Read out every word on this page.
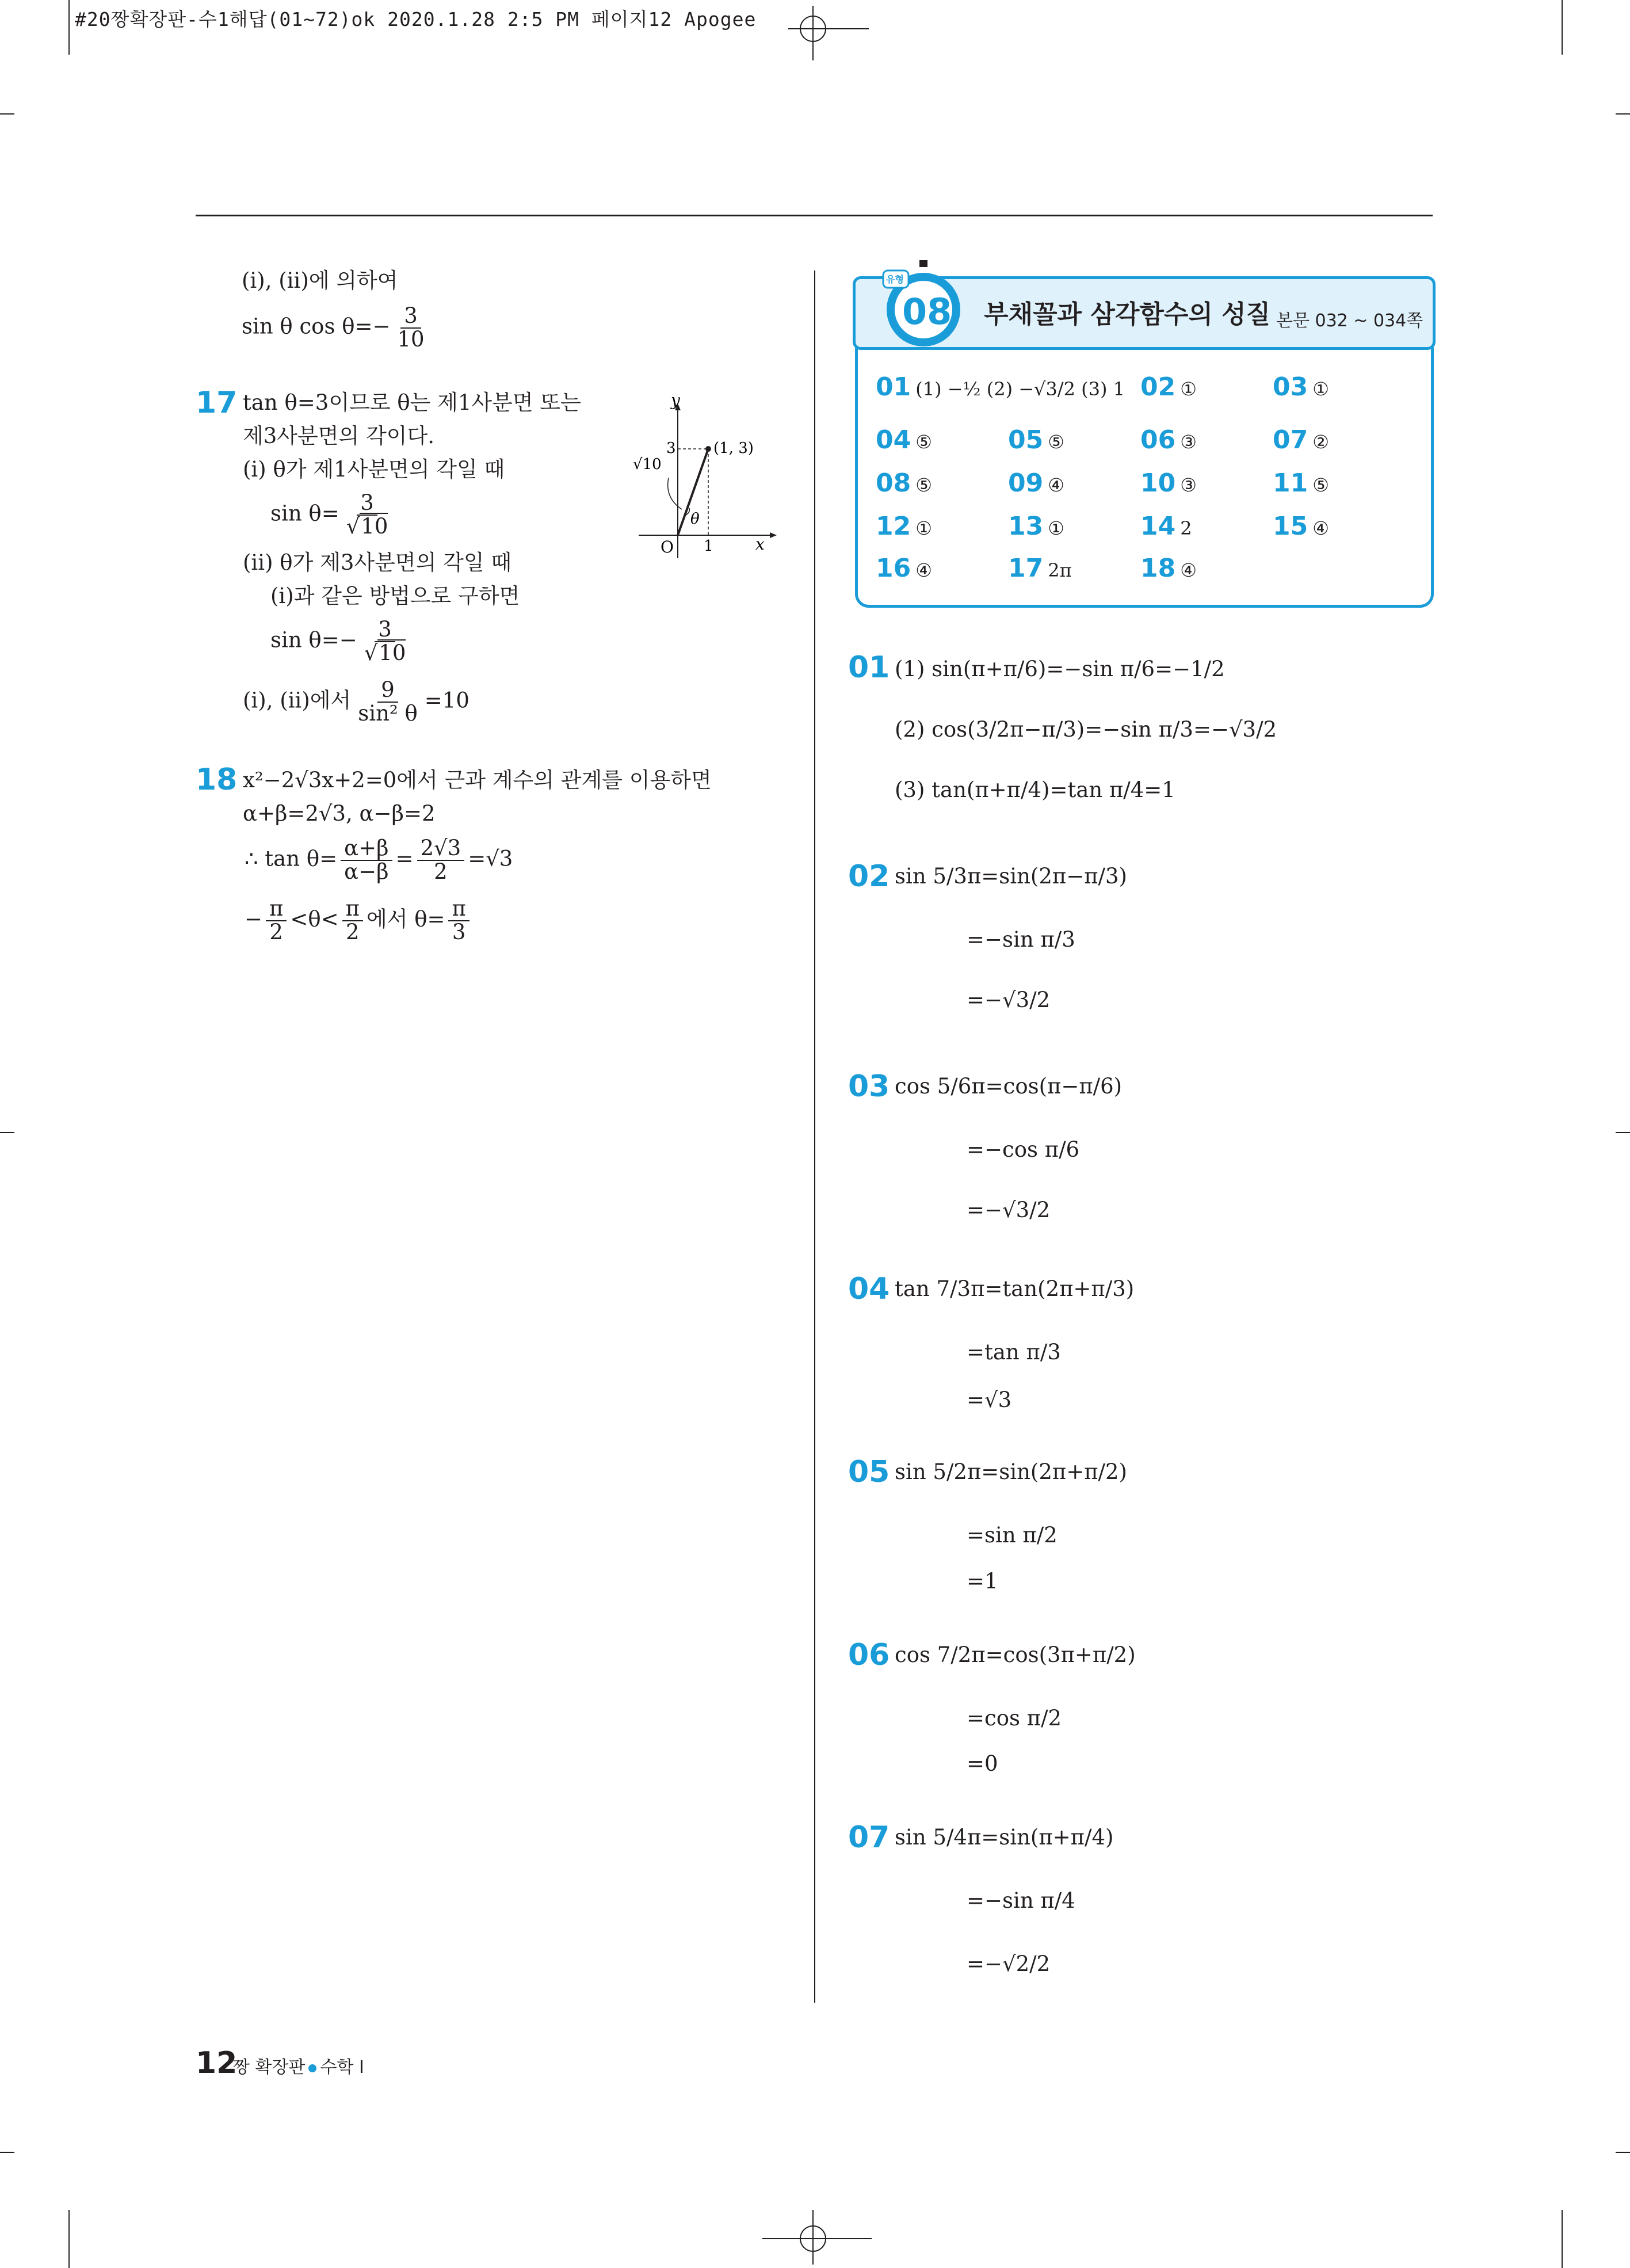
#20짱확장판-수1해답(01~72)ok 2020.1.28 2:5 PM 페이지12 Apogee
(ⅰ), (ⅱ)에 의하여
sin θ $\cos \theta=- \frac{3}{10}$
17 tan θ=3이므로 θ는 제1사분면 또는
제3사분면의 각이다.
(ⅰ) θ가 제1사분면의 각일 때
$\sin \theta= \frac{3}{√10}$
(ⅱ) θ가 제3사분면의 각일 때
(ⅰ)과 같은 방법으로 구하면
$\sin \theta=- \frac{3}{√10}$
(ⅰ), (ⅱ)에서 $\frac{9}{\text{sin² θ}} =10$
y
x
O 1
3	(1, 3)
√10
θ
18 x²−2√3x+2=0에서 근과 계수의 관계를 이용하면
α+β=2√3, α−β=2
∴ $\tan \theta= \frac{\alpha+\beta}{\alpha-\beta} = \frac{2√3}{2} =√3$
− $\frac{\pi}{2} <\theta< \frac{\pi}{2}$ 에서 $\theta= \frac{\pi}{3}$
유형
08 부채꼴과 삼각함수의 성질 본문 032 ~ 034쪽
01 (1) −½ (2) −√3/2 (3) 1 02 ①	03 ①
04 ⑤	05 ⑤	06 ③	07 ②
08 ⑤	09 ④	10 ③	11 ⑤
12 ①	13 ①	14 2	15 ④
16 ④	17 2π	18 ④
01 (1) sin(π+π/6)=−sin π/6=−1/2
(2) cos(3/2π−π/3)=−sin π/3=−√3/2
(3) tan(π+π/4)=tan π/4=1
02 sin 5/3π=sin(2π−π/3)
=−sin π/3
=−√3/2
03 cos 5/6π=cos(π−π/6)
=−cos π/6
=−√3/2
04 tan 7/3π=tan(2π+π/3)
=tan π/3
=√3
05 sin 5/2π=sin(2π+π/2)
=sin π/2
=1
06 cos 7/2π=cos(3π+π/2)
=cos π/2
=0
07 sin 5/4π=sin(π+π/4)
=−sin π/4
=−√2/2
12
짱 확장판 수학 Ⅰ
